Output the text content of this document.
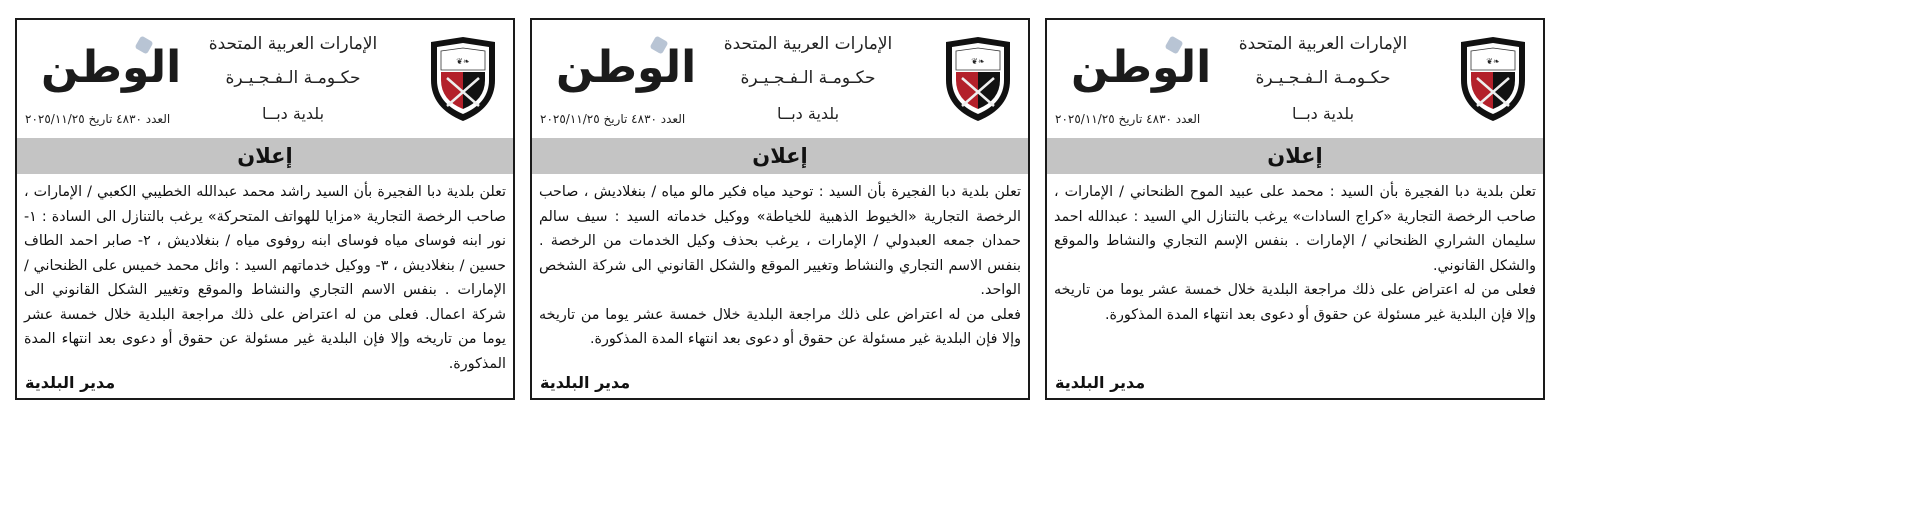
❦❧
الإمارات العربية المتحدة
حكـومـة الـفـجـيـرة
بلدية دبــا
الوطن
العدد ٤٨٣٠ تاريخ ٢٠٢٥/١١/٢٥
إعلان

تعلن بلدية دبا الفجيرة بأن السيد : محمد على عبيد الموح الظنحاني / الإمارات ، صاحب الرخصة التجارية «كراج السادات» يرغب بالتنازل الي السيد : عبدالله احمد سليمان الشراري الظنحاني / الإمارات . بنفس الإسم التجاري والنشاط والموقع والشكل القانوني.

فعلى من له اعتراض على ذلك مراجعة البلدية خلال خمسة عشر يوما من تاريخه وإلا فإن البلدية غير مسئولة عن حقوق أو دعوى بعد انتهاء المدة المذكورة.

مدير البلدية
❦❧
الإمارات العربية المتحدة
حكـومـة الـفـجـيـرة
بلدية دبــا
الوطن
العدد ٤٨٣٠ تاريخ ٢٠٢٥/١١/٢٥
إعلان

تعلن بلدية دبا الفجيرة بأن السيد : توحيد مياه فكير مالو مياه / بنغلاديش ، صاحب الرخصة التجارية «الخيوط الذهبية للخياطة» ووكيل خدماته السيد : سيف سالم حمدان جمعه العبدولي / الإمارات ، يرغب بحذف وكيل الخدمات من الرخصة . بنفس الاسم التجاري والنشاط وتغيير الموقع والشكل القانوني الى شركة الشخص الواحد.

فعلى من له اعتراض على ذلك مراجعة البلدية خلال خمسة عشر يوما من تاريخه وإلا فإن البلدية غير مسئولة عن حقوق أو دعوى بعد انتهاء المدة المذكورة.

مدير البلدية
❦❧
الإمارات العربية المتحدة
حكـومـة الـفـجـيـرة
بلدية دبــا
الوطن
العدد ٤٨٣٠ تاريخ ٢٠٢٥/١١/٢٥
إعلان

تعلن بلدية دبا الفجيرة بأن السيد راشد محمد عبدالله الخطيبي الكعبي / الإمارات ، صاحب الرخصة التجارية «مزايا للهواتف المتحركة» يرغب بالتنازل الى السادة : ١- نور ابنه فوساى مياه فوساى ابنه روفوى مياه / بنغلاديش ، ٢- صابر احمد الطاف حسين / بنغلاديش ، ٣- ووكيل خدماتهم السيد : وائل محمد خميس على الظنحاني / الإمارات . بنفس الاسم التجاري والنشاط والموقع وتغيير الشكل القانوني الى شركة اعمال. فعلى من له اعتراض على ذلك مراجعة البلدية خلال خمسة عشر يوما من تاريخه وإلا فإن البلدية غير مسئولة عن حقوق أو دعوى بعد انتهاء المدة المذكورة.

مدير البلدية
